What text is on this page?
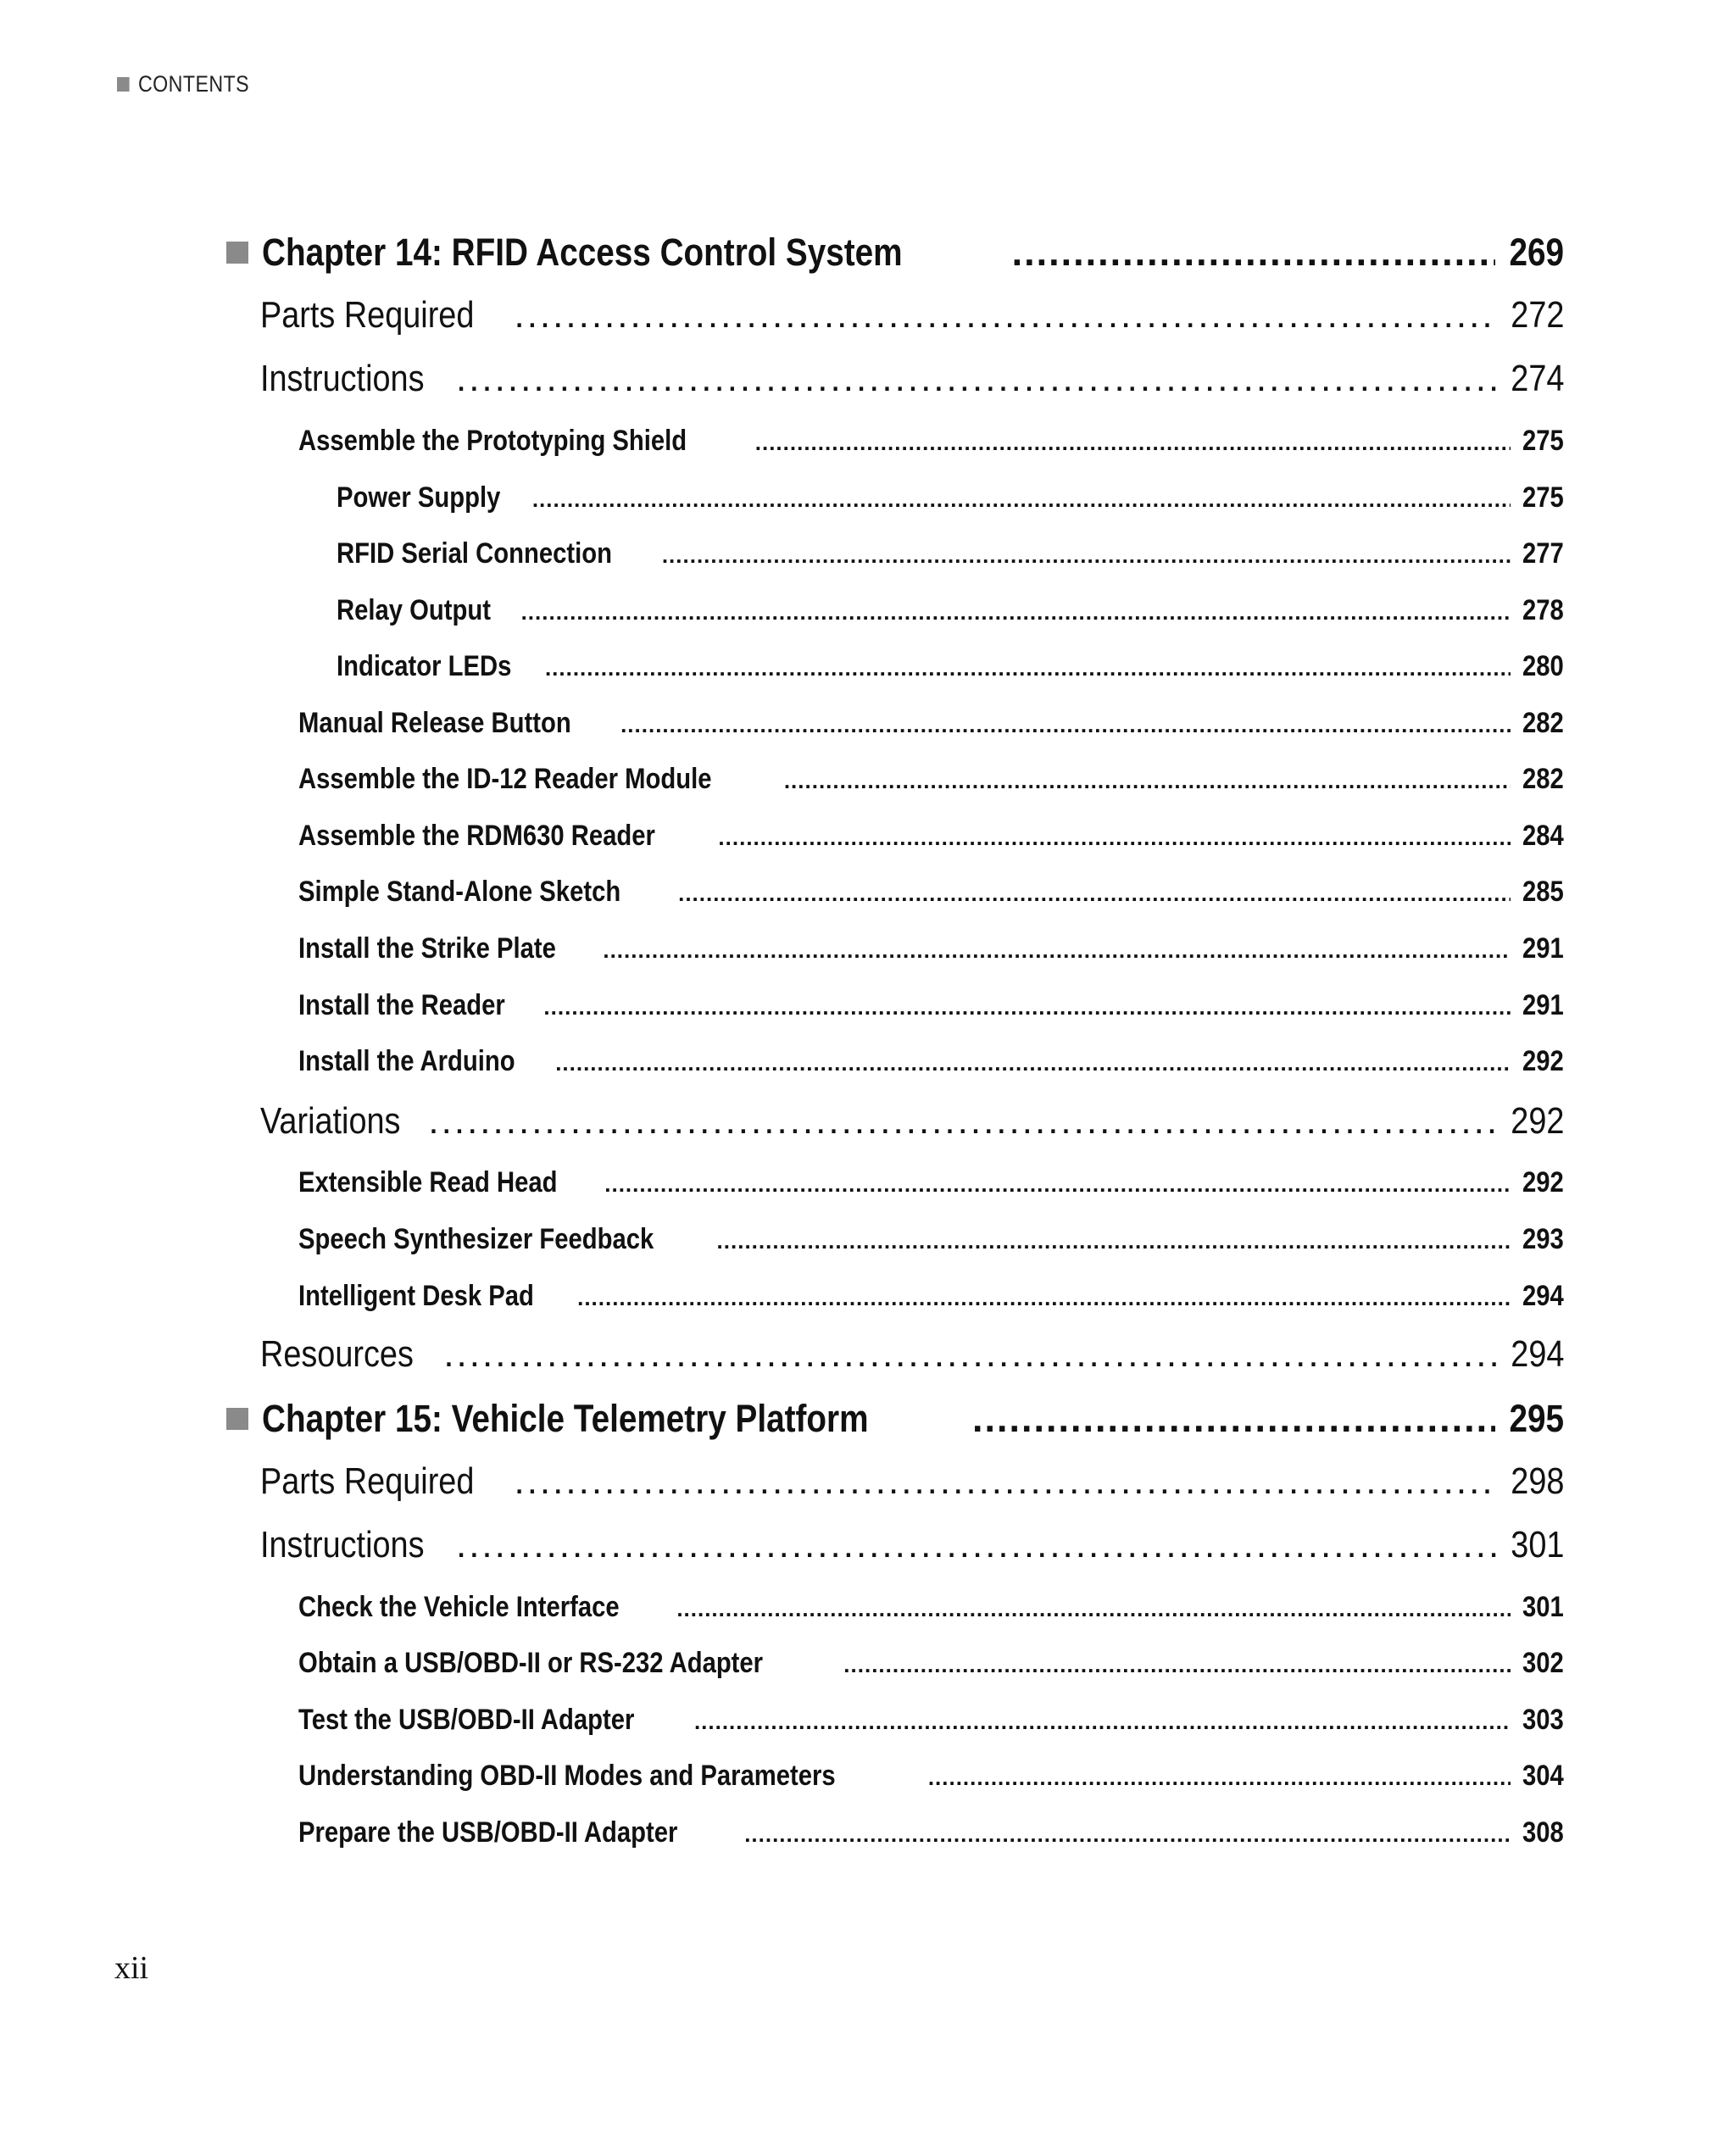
CONTENTS
Chapter 14: RFID Access Control System .....	269
Parts Required .....	272
Instructions .....	274
Assemble the Prototyping Shield .....	275
Power Supply .....	275
RFID Serial Connection .....	277
Relay Output .....	278
Indicator LEDs .....	280
Manual Release Button .....	282
Assemble the ID-12 Reader Module .....	282
Assemble the RDM630 Reader .....	284
Simple Stand-Alone Sketch .....	285
Install the Strike Plate .....	291
Install the Reader .....	291
Install the Arduino .....	292
Variations .....	292
Extensible Read Head .....	292
Speech Synthesizer Feedback .....	293
Intelligent Desk Pad .....	294
Resources .....	294
Chapter 15: Vehicle Telemetry Platform .....	295
Parts Required .....	298
Instructions .....	301
Check the Vehicle Interface .....	301
Obtain a USB/OBD-II or RS-232 Adapter .....	302
Test the USB/OBD-II Adapter .....	303
Understanding OBD-II Modes and Parameters .....	304
Prepare the USB/OBD-II Adapter .....	308
xii
